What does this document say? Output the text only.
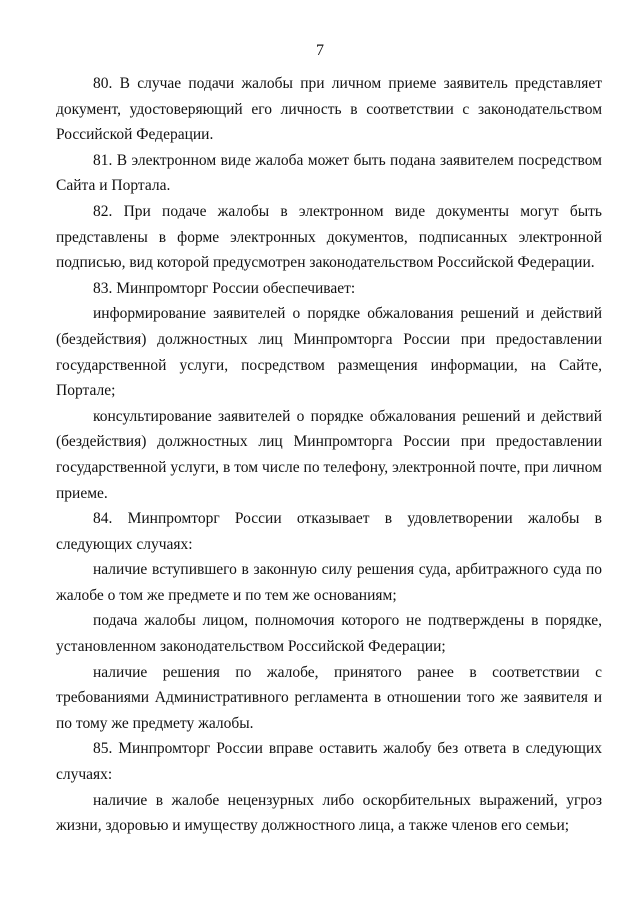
7

80. В случае подачи жалобы при личном приеме заявитель представляет документ, удостоверяющий его личность в соответствии с законодательством Российской Федерации.

81. В электронном виде жалоба может быть подана заявителем посредством Сайта и Портала.

82. При подаче жалобы в электронном виде документы могут быть представлены в форме электронных документов, подписанных электронной подписью, вид которой предусмотрен законодательством Российской Федерации.

83. Минпромторг России обеспечивает:

информирование заявителей о порядке обжалования решений и действий (бездействия) должностных лиц Минпромторга России при предоставлении государственной услуги, посредством размещения информации, на Сайте, Портале;

консультирование заявителей о порядке обжалования решений и действий (бездействия) должностных лиц Минпромторга России при предоставлении государственной услуги, в том числе по телефону, электронной почте, при личном приеме.

84. Минпромторг России отказывает в удовлетворении жалобы в следующих случаях:

наличие вступившего в законную силу решения суда, арбитражного суда по жалобе о том же предмете и по тем же основаниям;

подача жалобы лицом, полномочия которого не подтверждены в порядке, установленном законодательством Российской Федерации;

наличие решения по жалобе, принятого ранее в соответствии с требованиями Административного регламента в отношении того же заявителя и по тому же предмету жалобы.

85. Минпромторг России вправе оставить жалобу без ответа в следующих случаях:

наличие в жалобе нецензурных либо оскорбительных выражений, угроз жизни, здоровью и имуществу должностного лица, а также членов его семьи;
